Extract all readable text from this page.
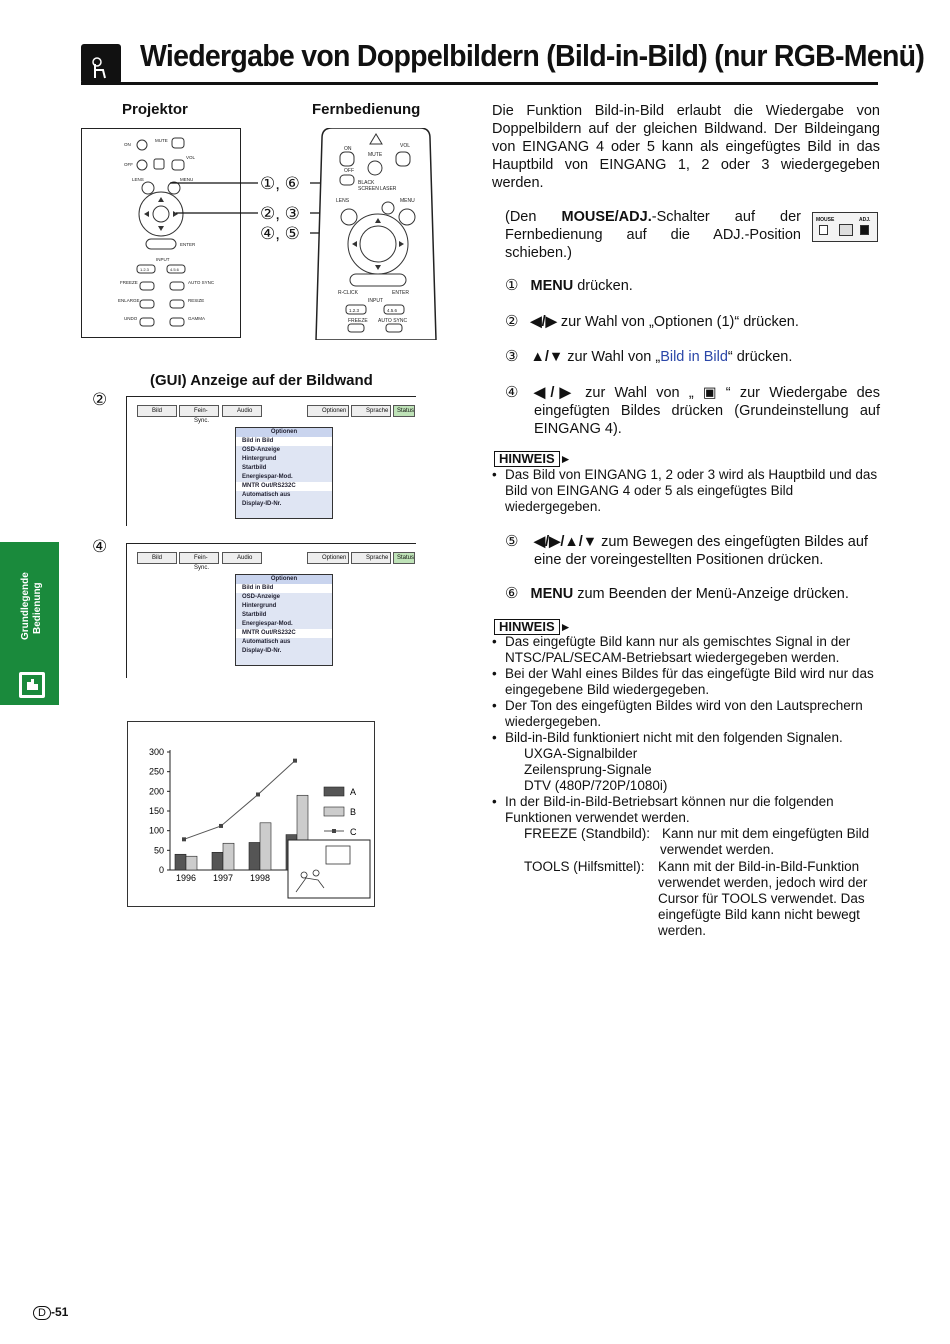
Wiedergabe von Doppelbildern (Bild-in-Bild) (nur RGB-Menü)
Projektor	Fernbedienung
ON
MUTE
OFF
VOL
LENS	MENU
ENTER
INPUT
1.2.3	4.5.6
FREEZE	AUTO SYNC
ENLARGE	RESIZE
UNDO	GAMMA
①, ⑥
②, ③
④, ⑤
ON
MUTE
VOL
OFF
BLACK
SCREEN LASER
LENS	MENU
R-CLICK	ENTER
INPUT
1.2.3	4.5.6
FREEZE AUTO SYNC
(GUI) Anzeige auf der Bildwand
②
④
Bild	Fein-Sync.
Audio	Optionen	Sprache	Status
Optionen
Bild in Bild
OSD-Anzeige
Hintergrund
Startbild
Energiespar-Mod.
MNTR Out/RS232C
Automatisch aus
Display-ID-Nr.
Bild	Fein-Sync.
Audio	Optionen	Sprache	Status
Optionen
Bild in Bild
OSD-Anzeige
Hintergrund
Startbild
Energiespar-Mod.
MNTR Out/RS232C
Automatisch aus
Display-ID-Nr.
Grundlegende Bedienung
300
250
200
150
100
50
0
1996 1997 1998
A
B
C
Die Funktion Bild-in-Bild erlaubt die Wiedergabe von Doppelbildern auf der gleichen Bildwand. Der Bildeingang von EINGANG 4 oder 5 kann als eingefügtes Bild in das Hauptbild von EINGANG 1, 2 oder 3 wiedergegeben werden.
(Den MOUSE/ADJ.-Schalter auf der Fernbedienung auf die ADJ.-Position schieben.)
MOUSE	ADJ.
① MENU drücken.
② ◀/▶ zur Wahl von „Optionen (1)“ drücken.
③ ▲/▼ zur Wahl von „Bild in Bild“ drücken.
④	◀/▶ zur Wahl von „ ▣ “ zur Wiedergabe des eingefügten Bildes drücken (Grundeinstellung auf EINGANG 4).
HINWEIS ►
• Das Bild von EINGANG 1, 2 oder 3 wird als Hauptbild und das Bild von EINGANG 4 oder 5 als eingefügtes Bild wiedergegeben.
⑤	◀/▶/▲/▼ zum Bewegen des eingefügten Bildes auf eine der voreingestellten Positionen drücken.
⑥ MENU zum Beenden der Menü-Anzeige drücken.
HINWEIS ►
• Das eingefügte Bild kann nur als gemischtes Signal in der NTSC/PAL/SECAM-Betriebsart wiedergegeben werden.
• Bei der Wahl eines Bildes für das eingefügte Bild wird nur das eingegebene Bild wiedergegeben.
• Der Ton des eingefügten Bildes wird von den Lautsprechern wiedergegeben.
• Bild-in-Bild funktioniert nicht mit den folgenden Signalen.
UXGA-Signalbilder
Zeilensprung-Signale
DTV (480P/720P/1080i)
• In der Bild-in-Bild-Betriebsart können nur die folgenden Funktionen verwendet werden.
FREEZE (Standbild): Kann nur mit dem eingefügten Bild verwendet werden.
TOOLS (Hilfsmittel): Kann mit der Bild-in-Bild-Funktion verwendet werden, jedoch wird der Cursor für TOOLS verwendet. Das eingefügte Bild kann nicht bewegt werden.
D -51
